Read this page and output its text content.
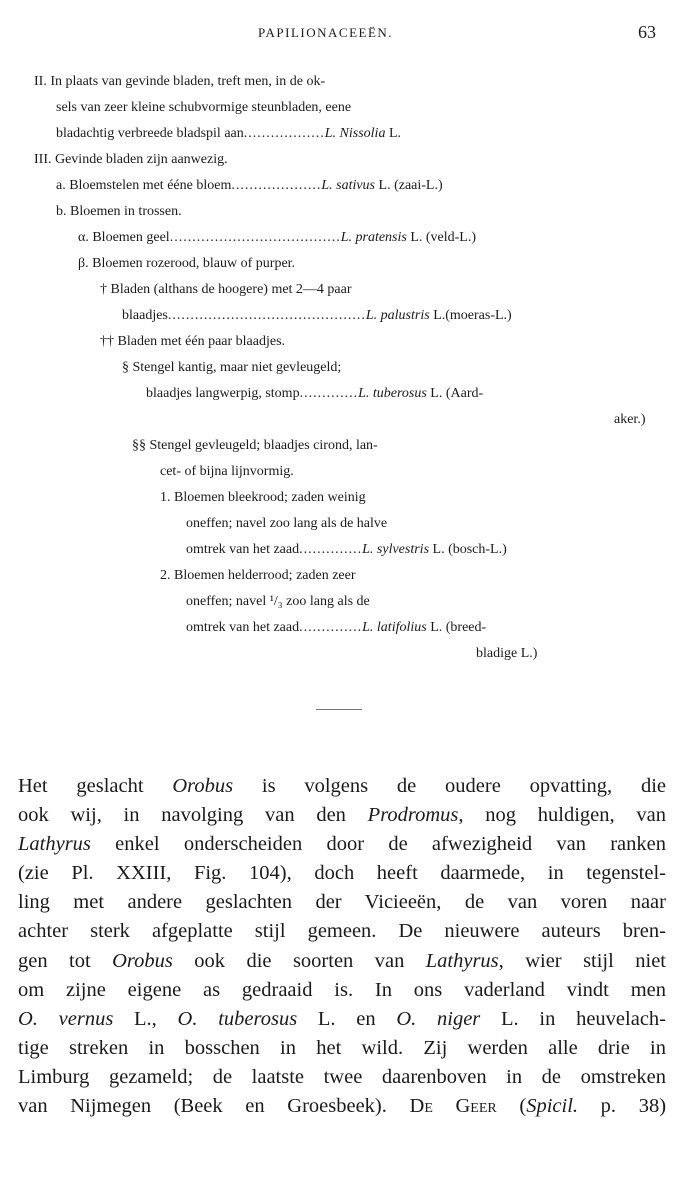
PAPILIONACEEËN.	63
II. In plaats van gevinde bladen, treft men, in de ok-
sels van zeer kleine schubvormige steunbladen, eene
bladachtig verbreede bladspil aan..................L. Nissolia L.
III. Gevinde bladen zijn aanwezig.
a. Bloemstelen met ééne bloem....................L. sativus L. (zaai-L.)
b. Bloemen in trossen.
α. Bloemen geel......................................L. pratensis L. (veld-L.)
β. Bloemen rozerood, blauw of purper.
† Bladen (althans de hoogere) met 2—4 paar
blaadjes............................................L. palustris L.(moeras-L.)
†† Bladen met één paar blaadjes.
§ Stengel kantig, maar niet gevleugeld;
blaadjes langwerpig, stomp.............L. tuberosus L. (Aard-
aker.)
§§ Stengel gevleugeld; blaadjes cirond, lan-
cet- of bijna lijnvormig.
1. Bloemen bleekrood; zaden weinig
oneffen; navel zoo lang als de halve
omtrek van het zaad..............L. sylvestris L. (bosch-L.)
2. Bloemen helderrood; zaden zeer
oneffen; navel ¹/₃ zoo lang als de
omtrek van het zaad..............L. latifolius L. (breed-
bladige L.)
Het geslacht Orobus is volgens de oudere opvatting, die
ook wij, in navolging van den Prodromus, nog huldigen, van
Lathyrus enkel onderscheiden door de afwezigheid van ranken
(zie Pl. XXIII, Fig. 104), doch heeft daarmede, in tegenstel-
ling met andere geslachten der Vicieeën, de van voren naar
achter sterk afgeplatte stijl gemeen. De nieuwere auteurs bren-
gen tot Orobus ook die soorten van Lathyrus, wier stijl niet
om zijne eigene as gedraaid is. In ons vaderland vindt men
O. vernus L., O. tuberosus L. en O. niger L. in heuvelach-
tige streken in bosschen in het wild. Zij werden alle drie in
Limburg gezameld; de laatste twee daarenboven in de omstreken
van Nijmegen (Beek en Groesbeek). De Geer (Spicil. p. 38)
